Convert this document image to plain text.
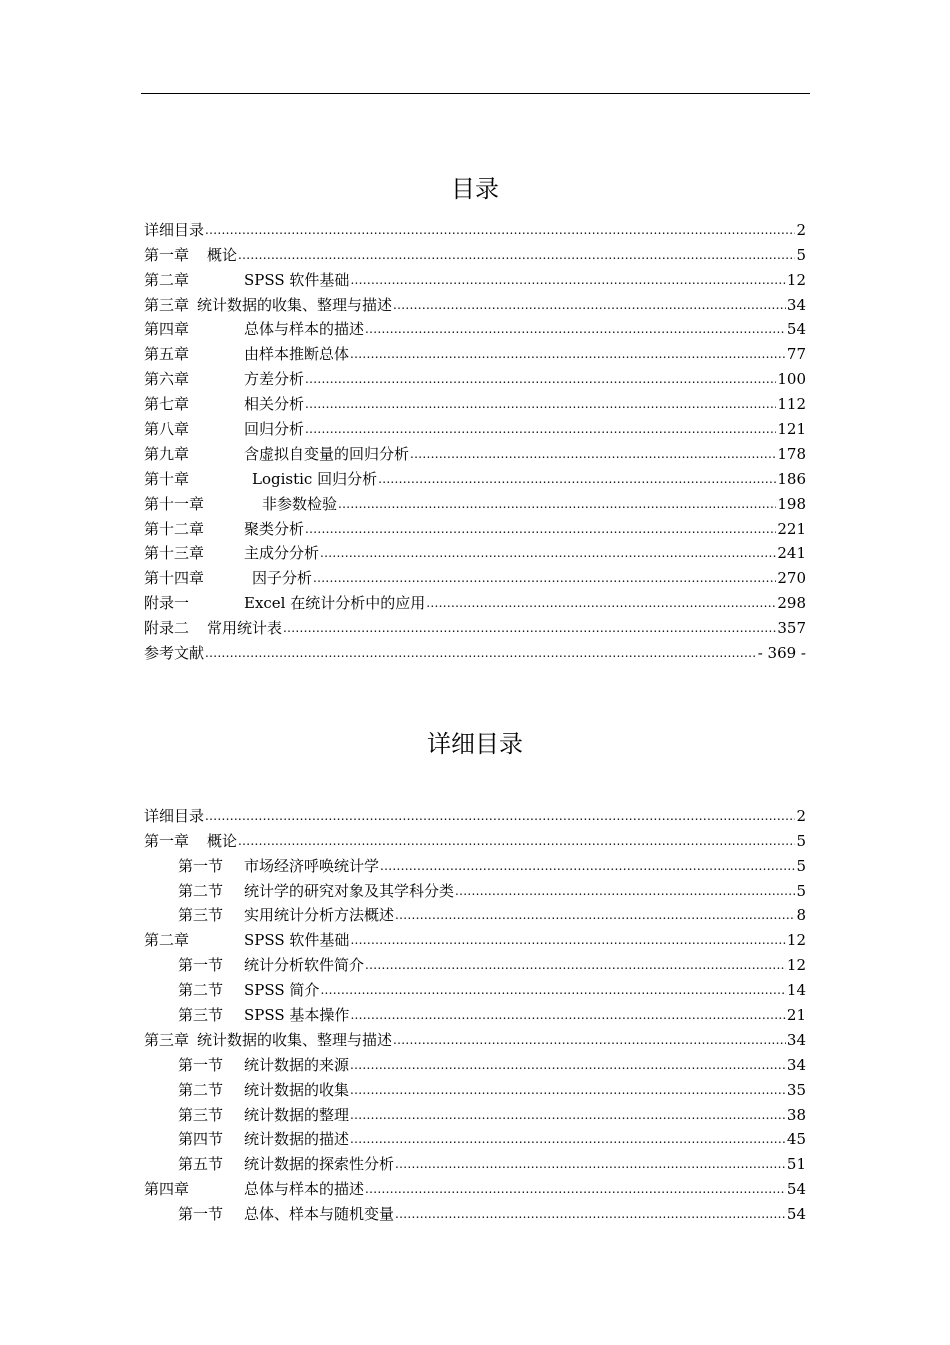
目录
详细目录 .....	2
第一章 概论 .....	5
第二章	SPSS 软件基础 .....	12
第三章 统计数据的收集、整理与描述 .....	34
第四章	总体与样本的描述 .....	54
第五章	由样本推断总体 .....	77
第六章	方差分析 .....	100
第七章	相关分析 .....	112
第八章	回归分析 .....	121
第九章	含虚拟自变量的回归分析 .....	178
第十章	Logistic 回归分析 .....	186
第十一章	非参数检验 .....	198
第十二章	聚类分析 .....	221
第十三章	主成分分析 .....	241
第十四章	因子分析 .....	270
附录一	Excel 在统计分析中的应用 .....	298
附录二 常用统计表 .....	357
参考文献 .....	- 369 -
详细目录
详细目录 .....	2
第一章 概论 .....	5
第一节	市场经济呼唤统计学 .....	5
第二节	统计学的研究对象及其学科分类 .....	5
第三节	实用统计分析方法概述 .....	8
第二章	SPSS 软件基础 .....	12
第一节	统计分析软件简介 .....	12
第二节	SPSS 简介 .....	14
第三节	SPSS 基本操作 .....	21
第三章 统计数据的收集、整理与描述 .....	34
第一节	统计数据的来源 .....	34
第二节	统计数据的收集 .....	35
第三节	统计数据的整理 .....	38
第四节	统计数据的描述 .....	45
第五节	统计数据的探索性分析 .....	51
第四章	总体与样本的描述 .....	54
第一节	总体、样本与随机变量 .....	54
